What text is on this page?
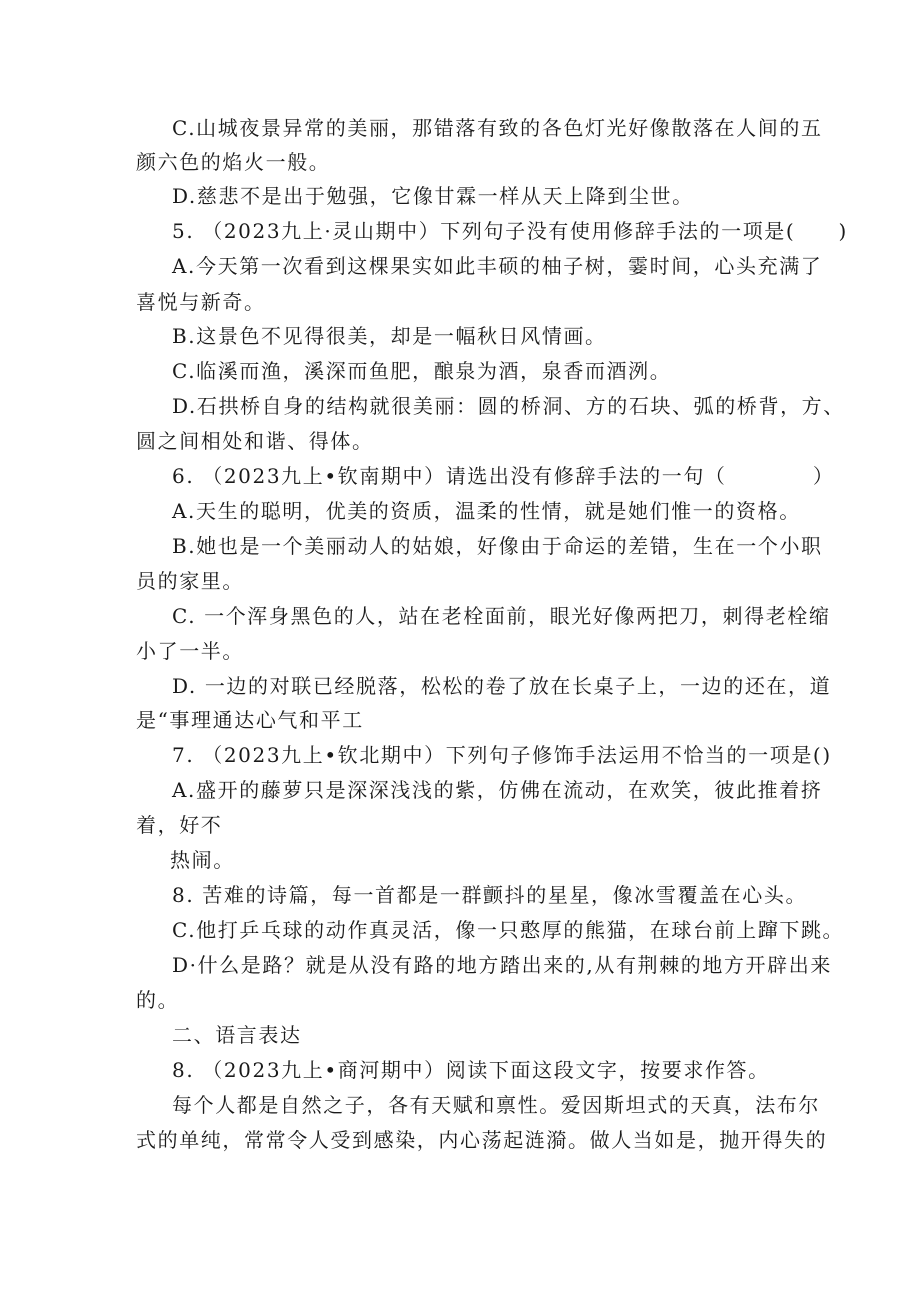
C.山城夜景异常的美丽，那错落有致的各色灯光好像散落在人间的五
颜六色的焰火一般。
D.慈悲不是出于勉强，它像甘霖一样从天上降到尘世。
5. （2023九上·灵山期中）下列句子没有使用修辞手法的一项是(　　)
A.今天第一次看到这棵果实如此丰硕的柚子树，霎时间，心头充满了
喜悦与新奇。
B.这景色不见得很美，却是一幅秋日风情画。
C.临溪而渔，溪深而鱼肥，酿泉为酒，泉香而酒洌。
D.石拱桥自身的结构就很美丽：圆的桥洞、方的石块、弧的桥背，方、
圆之间相处和谐、得体。
6. （2023九上•钦南期中）请选出没有修辞手法的一句（　　　　）
A.天生的聪明，优美的资质，温柔的性情，就是她们惟一的资格。
B.她也是一个美丽动人的姑娘，好像由于命运的差错，生在一个小职
员的家里。
C. 一个浑身黑色的人，站在老栓面前，眼光好像两把刀，刺得老栓缩
小了一半。
D. 一边的对联已经脱落，松松的卷了放在长桌子上，一边的还在，道
是“事理通达心气和平工
7. （2023九上•钦北期中）下列句子修饰手法运用不恰当的一项是()
A.盛开的藤萝只是深深浅浅的紫，仿佛在流动，在欢笑，彼此推着挤
着，好不
热闹。
8. 苦难的诗篇，每一首都是一群颤抖的星星，像冰雪覆盖在心头。
C.他打乒乓球的动作真灵活，像一只憨厚的熊猫，在球台前上蹿下跳。
D·什么是路？就是从没有路的地方踏出来的,从有荆棘的地方开辟出来
的。
二、语言表达
8. （2023九上•商河期中）阅读下面这段文字，按要求作答。
每个人都是自然之子，各有天赋和禀性。爱因斯坦式的天真，法布尔
式的单纯，常常令人受到感染，内心荡起涟漪。做人当如是，抛开得失的
